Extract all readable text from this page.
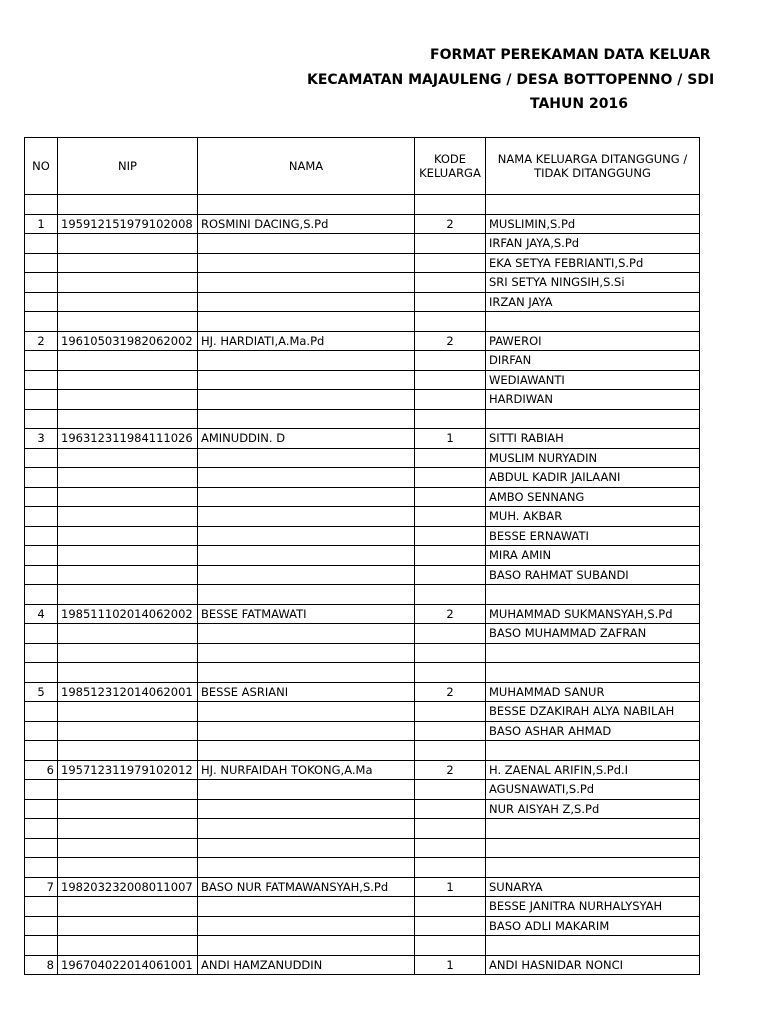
FORMAT PEREKAMAN DATA KELUAR
KECAMATAN MAJAULENG / DESA BOTTOPENNO / SDI
TAHUN 2016
NO	NIP	NAMA	KODE KELUARGA	NAMA KELUARGA DITANGGUNG / TIDAK DITANGGUNG

1	195912151979102008	ROSMINI DACING,S.Pd	2	MUSLIMIN,S.Pd
				IRFAN JAYA,S.Pd
				EKA SETYA FEBRIANTI,S.Pd
				SRI SETYA NINGSIH,S.Si
				IRZAN JAYA

2	196105031982062002	HJ. HARDIATI,A.Ma.Pd	2	PAWEROI
				DIRFAN
				WEDIAWANTI
				HARDIWAN

3	196312311984111026	AMINUDDIN. D	1	SITTI RABIAH
				MUSLIM NURYADIN
				ABDUL KADIR JAILAANI
				AMBO SENNANG
				MUH. AKBAR
				BESSE ERNAWATI
				MIRA AMIN
				BASO RAHMAT SUBANDI

4	198511102014062002	BESSE FATMAWATI	2	MUHAMMAD SUKMANSYAH,S.Pd
				BASO MUHAMMAD ZAFRAN

5	198512312014062001	BESSE ASRIANI	2	MUHAMMAD SANUR
				BESSE DZAKIRAH ALYA NABILAH
				BASO ASHAR AHMAD

6	195712311979102012	HJ. NURFAIDAH TOKONG,A.Ma	2	H. ZAENAL ARIFIN,S.Pd.I
				AGUSNAWATI,S.Pd
				NUR AISYAH Z,S.Pd

7	198203232008011007	BASO NUR FATMAWANSYAH,S.Pd	1	SUNARYA
				BESSE JANITRA NURHALYSYAH
				BASO ADLI MAKARIM

8	196704022014061001	ANDI HAMZANUDDIN	1	ANDI HASNIDAR NONCI
